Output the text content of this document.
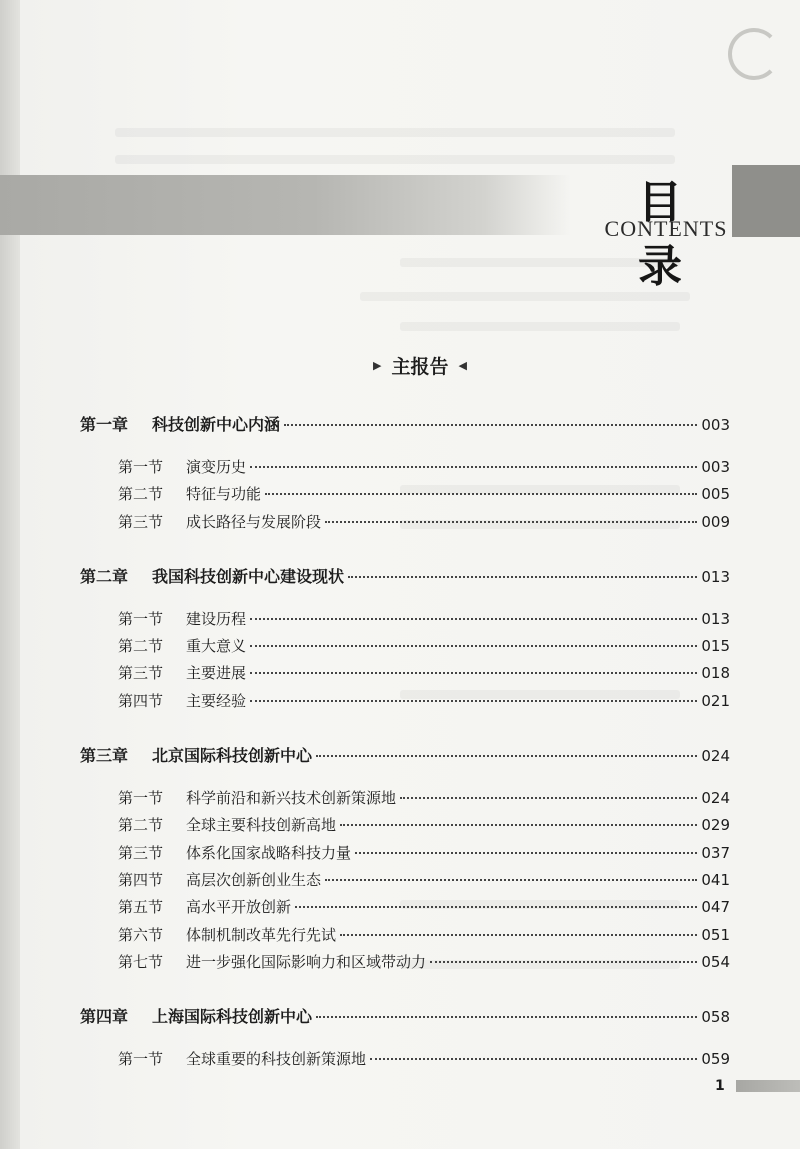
目 录
CONTENTS
▶ 主报告 ◀
第一章	科技创新中心内涵	003
第一节	演变历史	003
第二节	特征与功能	005
第三节	成长路径与发展阶段	009
第二章	我国科技创新中心建设现状	013
第一节	建设历程	013
第二节	重大意义	015
第三节	主要进展	018
第四节	主要经验	021
第三章	北京国际科技创新中心	024
第一节	科学前沿和新兴技术创新策源地	024
第二节	全球主要科技创新高地	029
第三节	体系化国家战略科技力量	037
第四节	高层次创新创业生态	041
第五节	高水平开放创新	047
第六节	体制机制改革先行先试	051
第七节	进一步强化国际影响力和区域带动力	054
第四章	上海国际科技创新中心	058
第一节	全球重要的科技创新策源地	059
1
